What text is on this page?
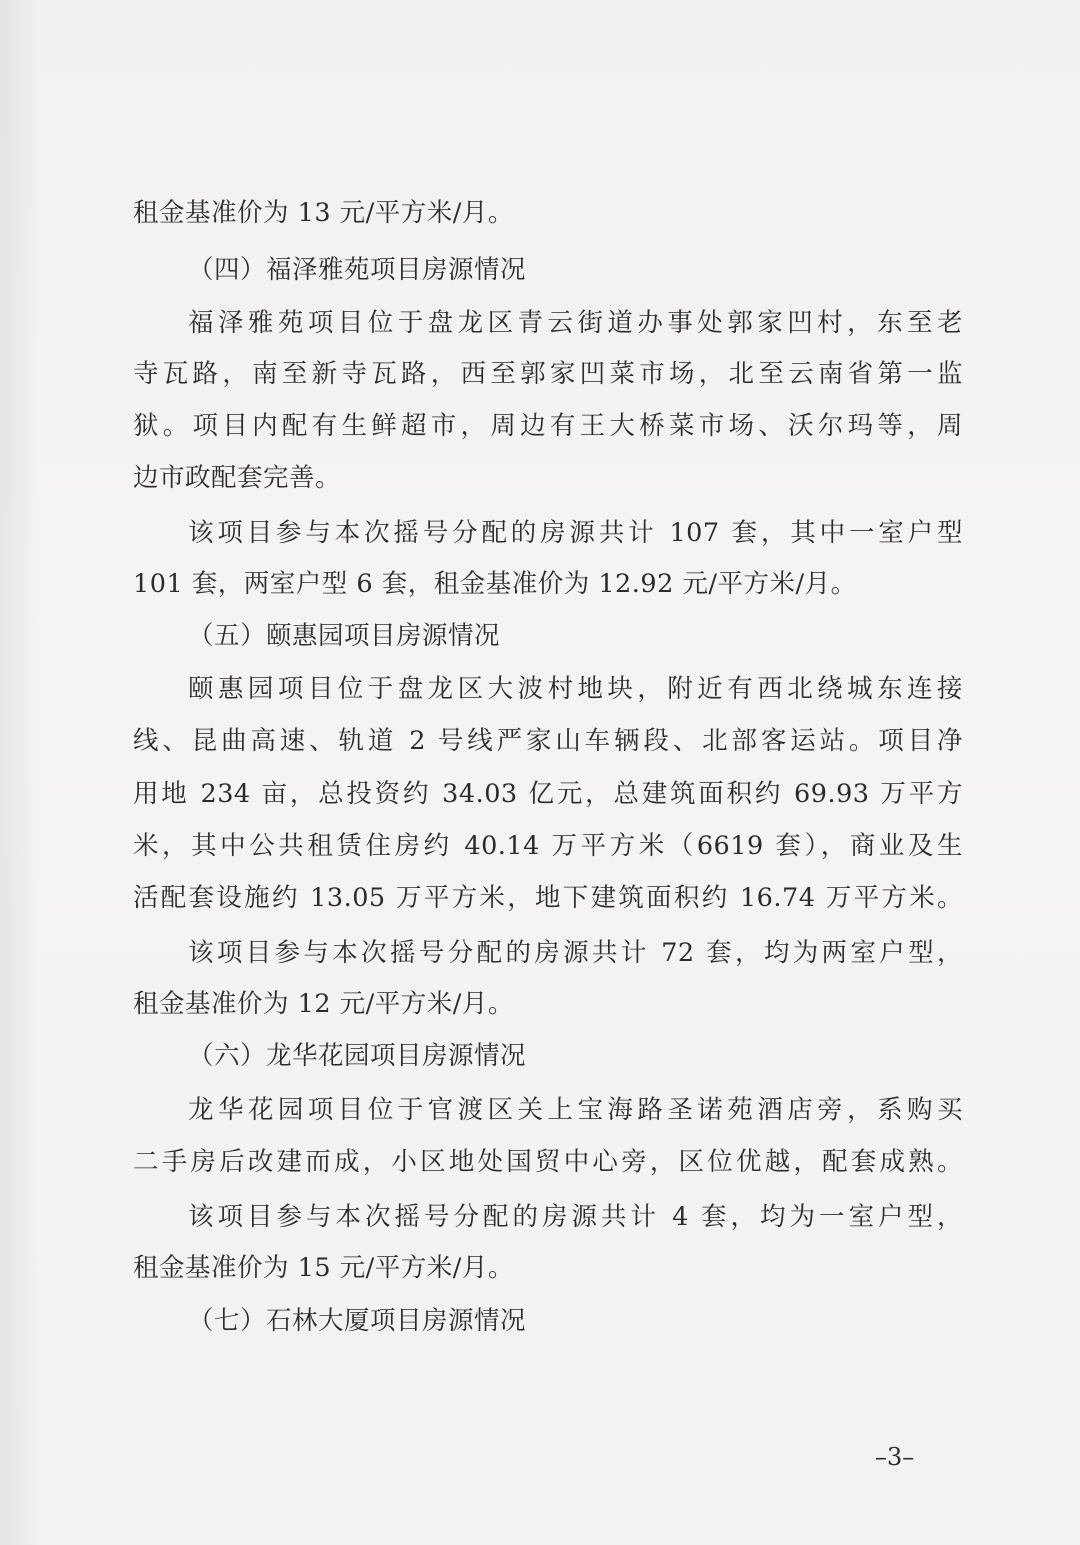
租金基准价为 13 元/平方米/月。
（四）福泽雅苑项目房源情况
福泽雅苑项目位于盘龙区青云街道办事处郭家凹村，东至老
寺瓦路，南至新寺瓦路，西至郭家凹菜市场，北至云南省第一监
狱。项目内配有生鲜超市，周边有王大桥菜市场、沃尔玛等，周
边市政配套完善。
该项目参与本次摇号分配的房源共计 107 套，其中一室户型
101 套，两室户型 6 套，租金基准价为 12.92 元/平方米/月。
（五）颐惠园项目房源情况
颐惠园项目位于盘龙区大波村地块，附近有西北绕城东连接
线、昆曲高速、轨道 2 号线严家山车辆段、北部客运站。项目净
用地 234 亩，总投资约 34.03 亿元，总建筑面积约 69.93 万平方
米，其中公共租赁住房约 40.14 万平方米（6619 套），商业及生
活配套设施约 13.05 万平方米，地下建筑面积约 16.74 万平方米。
该项目参与本次摇号分配的房源共计 72 套，均为两室户型，
租金基准价为 12 元/平方米/月。
（六）龙华花园项目房源情况
龙华花园项目位于官渡区关上宝海路圣诺苑酒店旁，系购买
二手房后改建而成，小区地处国贸中心旁，区位优越，配套成熟。
该项目参与本次摇号分配的房源共计 4 套，均为一室户型，
租金基准价为 15 元/平方米/月。
（七）石林大厦项目房源情况
–3–
